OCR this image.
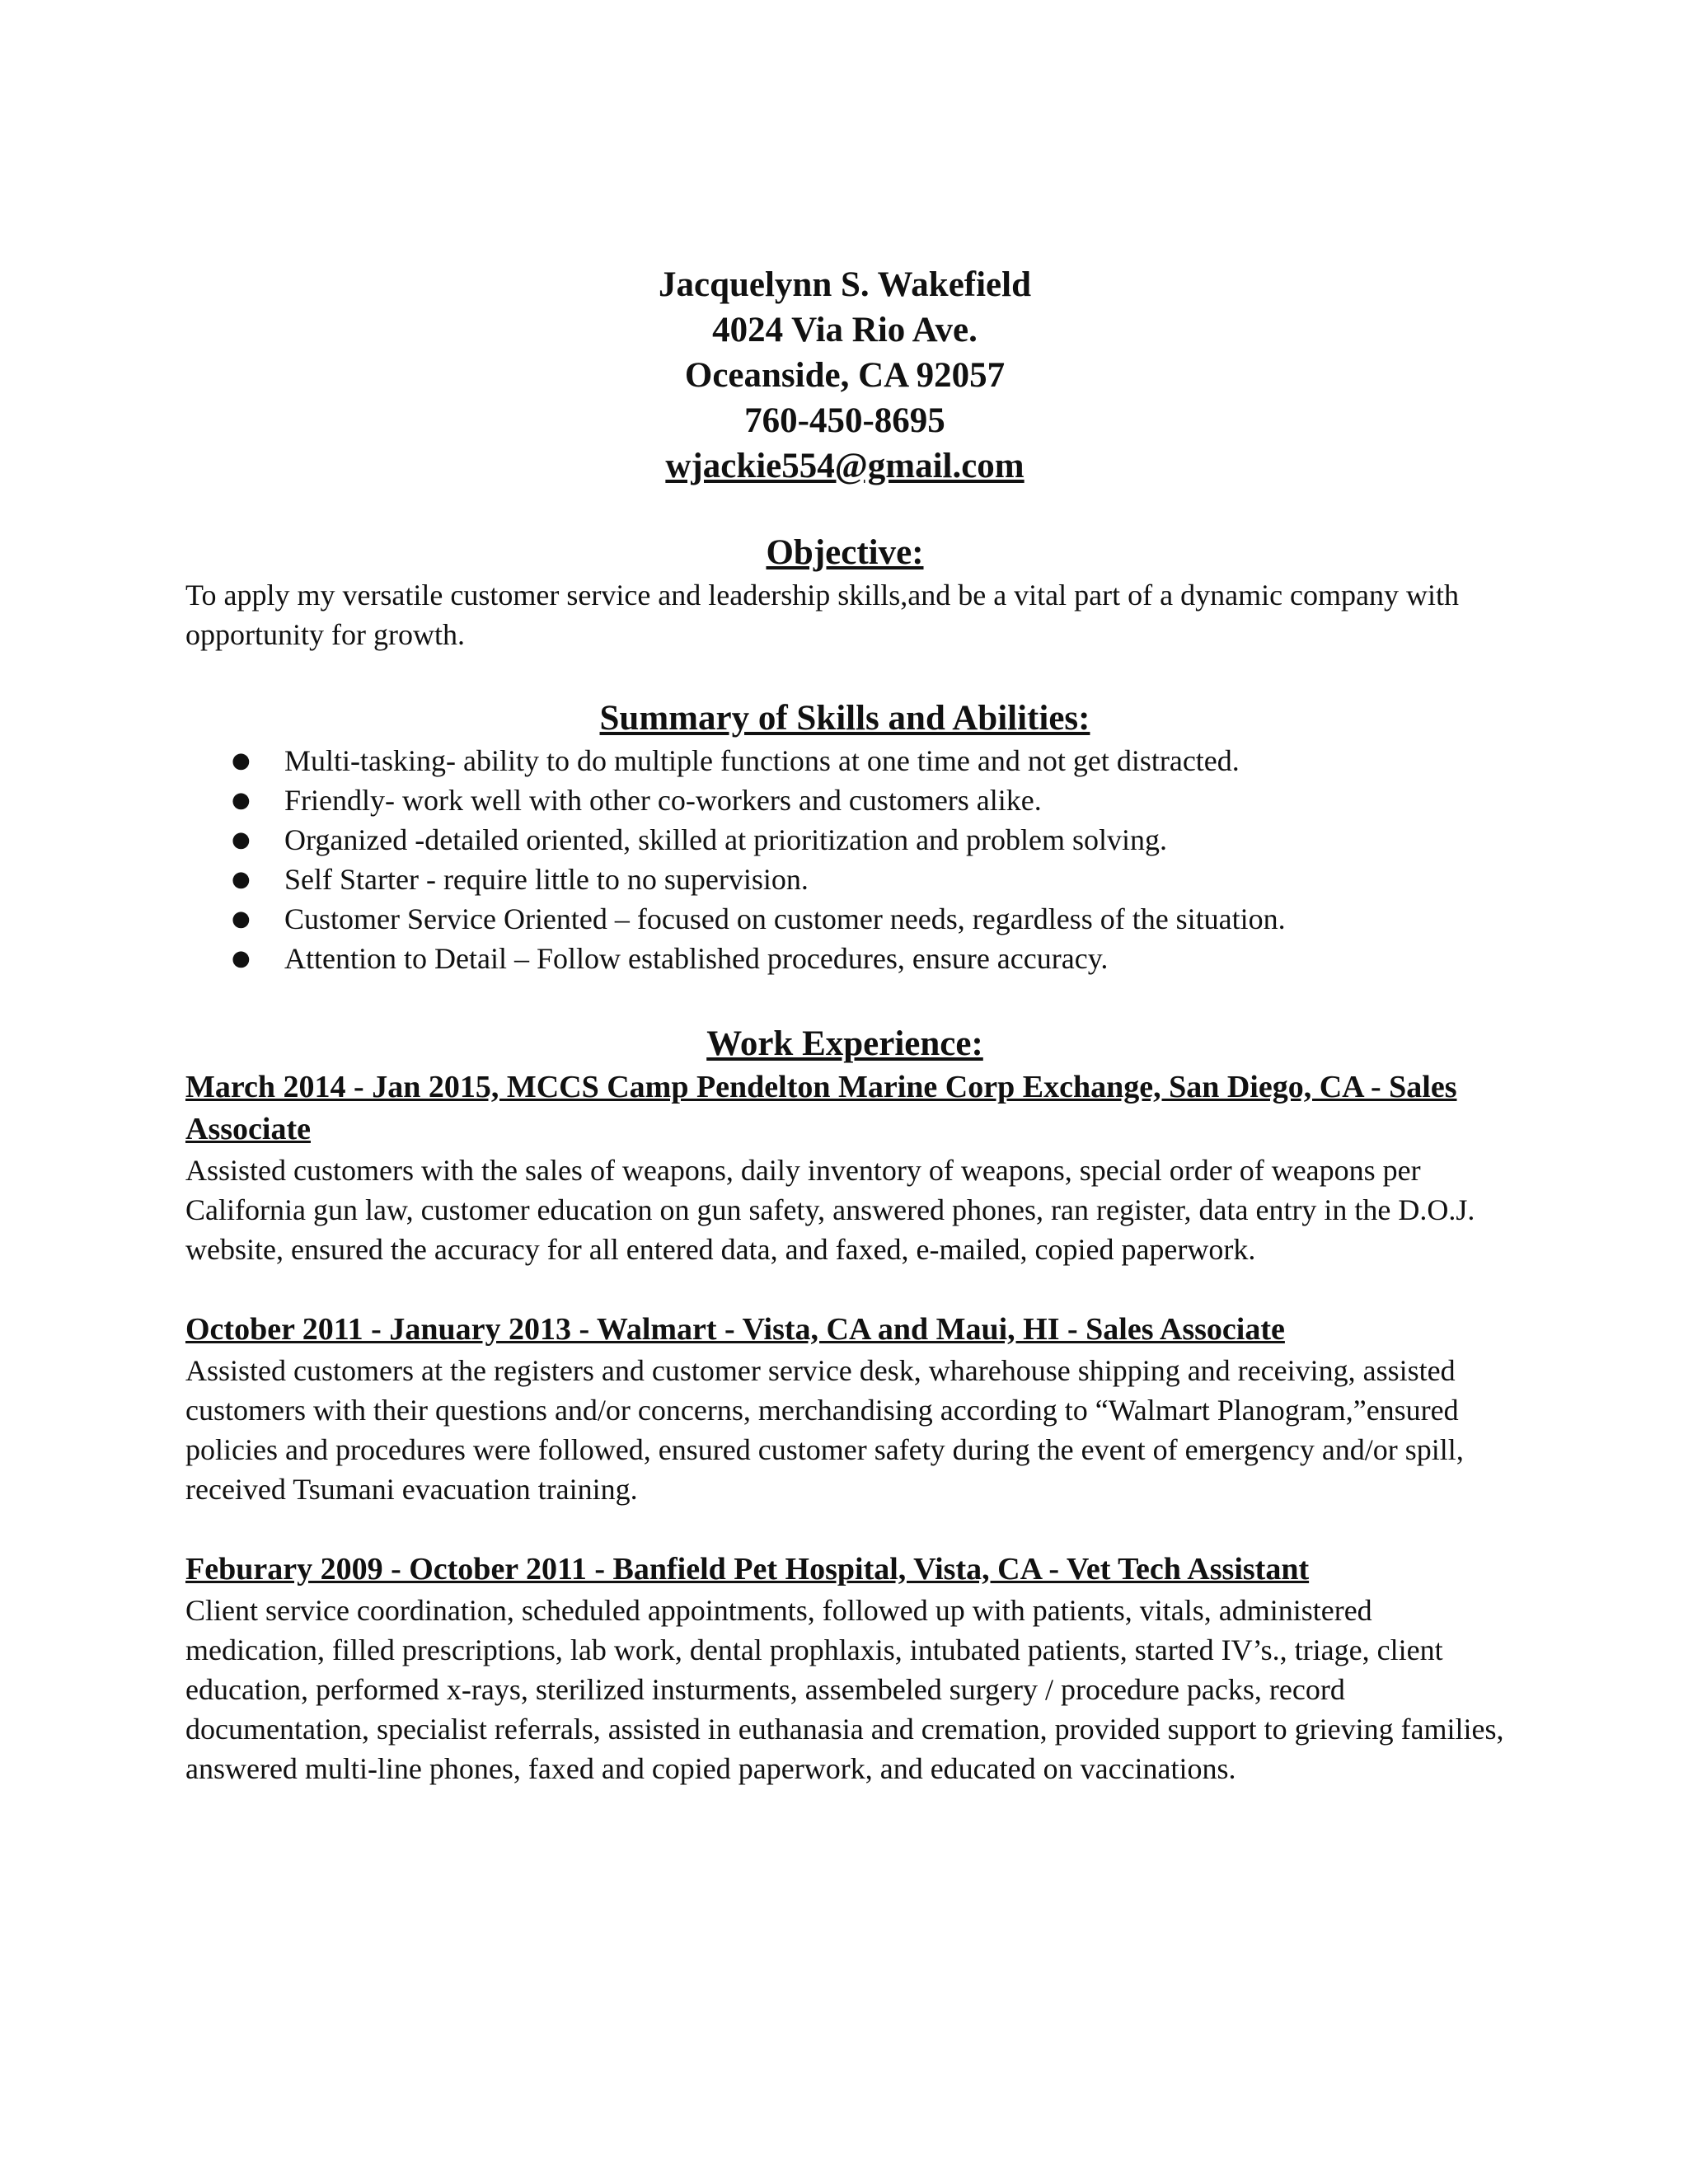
Jacquelynn S. Wakefield
4024 Via Rio Ave.
Oceanside, CA 92057
760-450-8695
wjackie554@gmail.com
Objective:

To apply my versatile customer service and leadership skills,and be a vital part of a dynamic company with opportunity for growth.

Summary of Skills and Abilities:
● Multi-tasking- ability to do multiple functions at one time and not get distracted.
● Friendly- work well with other co-workers and customers alike.
● Organized -detailed oriented, skilled at prioritization and problem solving.
● Self Starter - require little to no supervision.
● Customer Service Oriented – focused on customer needs, regardless of the situation.
● Attention to Detail – Follow established procedures, ensure accuracy.
Work Experience:

March 2014 - Jan 2015, MCCS Camp Pendelton Marine Corp Exchange, San Diego, CA - Sales Associate

Assisted customers with the sales of weapons, daily inventory of weapons, special order of weapons per California gun law, customer education on gun safety, answered phones, ran register, data entry in the D.O.J. website, ensured the accuracy for all entered data, and faxed, e-mailed, copied paperwork.

October 2011 - January 2013 - Walmart - Vista, CA and Maui, HI - Sales Associate

Assisted customers at the registers and customer service desk, wharehouse shipping and receiving, assisted customers with their questions and/or concerns, merchandising according to “Walmart Planogram,”ensured policies and procedures were followed, ensured customer safety during the event of emergency and/or spill, received Tsumani evacuation training.

Feburary 2009 - October 2011 - Banfield Pet Hospital, Vista, CA - Vet Tech Assistant

Client service coordination, scheduled appointments, followed up with patients, vitals, administered medication, filled prescriptions, lab work, dental prophlaxis, intubated patients, started IV’s., triage, client education, performed x-rays, sterilized insturments, assembeled surgery / procedure packs, record documentation, specialist referrals, assisted in euthanasia and cremation, provided support to grieving families, answered multi-line phones, faxed and copied paperwork, and educated on vaccinations.
